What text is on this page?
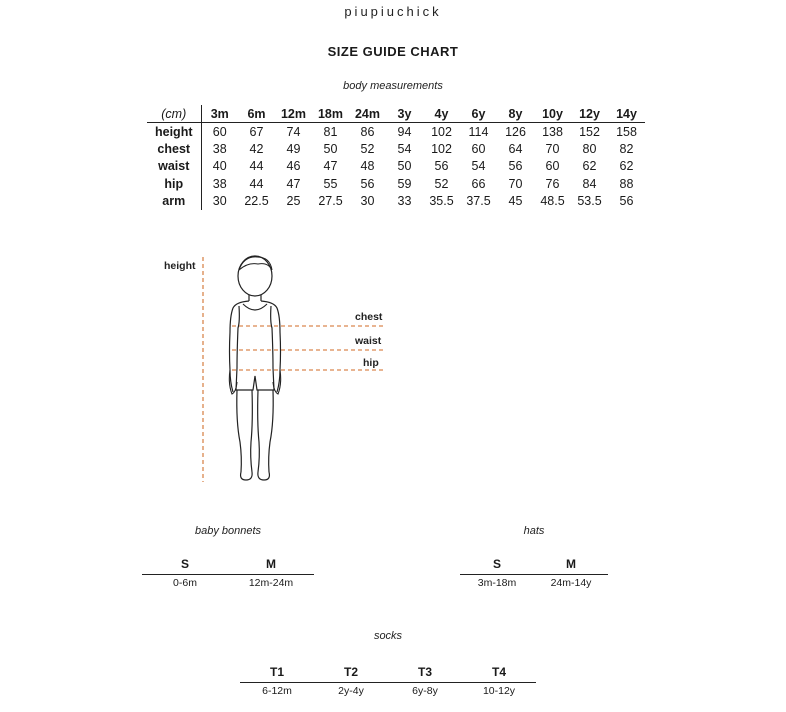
piupiuchick
SIZE GUIDE CHART
body measurements
(cm)	3m	6m	12m	18m	24m	3y	4y	6y	8y	10y	12y	14y
height	60	67	74	81	86	94	102	114	126	138	152	158
chest	38	42	49	50	52	54	102	60	64	70	80	82
waist	40	44	46	47	48	50	56	54	56	60	62	62
hip	38	44	47	55	56	59	52	66	70	76	84	88
arm	30	22.5	25	27.5	30	33	35.5	37.5	45	48.5	53.5	56
height
chest
waist
hip
baby bonnets
S	M
0-6m	12m-24m
hats
S	M
3m-18m	24m-14y
socks
T1	T2	T3	T4
6-12m	2y-4y	6y-8y	10-12y
